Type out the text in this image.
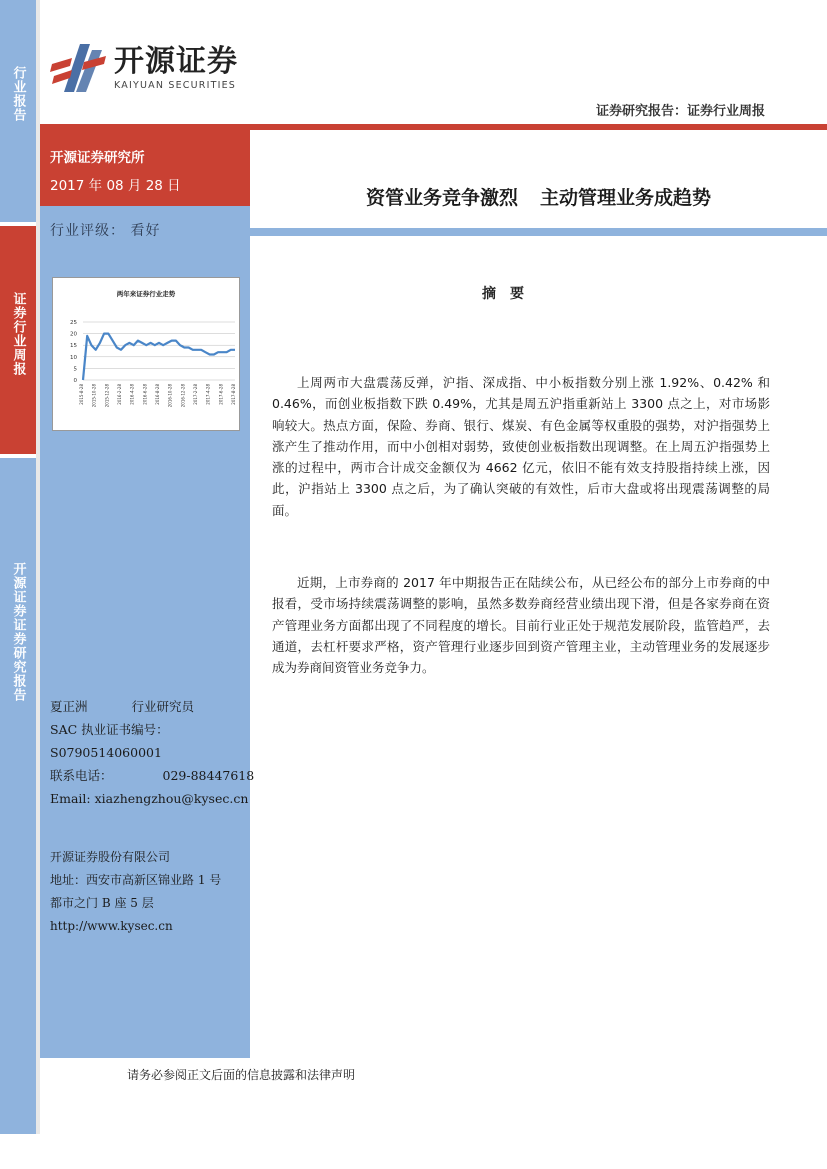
行业报告
证券行业周报
开源证券证券研究报告
开源证券
KAIYUAN SECURITIES
证券研究报告：证券行业周报
开源证券研究所
2017 年 08 月 28 日
行业评级： 看好
两年来证券行业走势
0
5
10
15
20
25
2015-8-28 2015-10-28 2015-12-28 2016-2-28 2016-4-28 2016-6-28 2016-8-28 2016-10-28 2016-12-28 2017-2-28 2017-4-28 2017-6-28 2017-8-28
夏正洲	行业研究员
SAC 执业证书编号：
S0790514060001
联系电话：	029-88447618
Email: xiazhengzhou@kysec.cn
开源证券股份有限公司
地址：西安市高新区锦业路 1 号
都市之门 B 座 5 层
http://www.kysec.cn
资管业务竞争激烈 主动管理业务成趋势
摘要
上周两市大盘震荡反弹，沪指、深成指、中小板指数分别上涨 1.92%、0.42% 和 0.46%，而创业板指数下跌 0.49%，尤其是周五沪指重新站上 3300 点之上，对市场影响较大。热点方面，保险、券商、银行、煤炭、有色金属等权重股的强势，对沪指强势上涨产生了推动作用，而中小创相对弱势，致使创业板指数出现调整。在上周五沪指强势上涨的过程中，两市合计成交金额仅为 4662 亿元，依旧不能有效支持股指持续上涨，因此，沪指站上 3300 点之后，为了确认突破的有效性，后市大盘或将出现震荡调整的局面。
近期，上市券商的 2017 年中期报告正在陆续公布，从已经公布的部分上市券商的中报看，受市场持续震荡调整的影响，虽然多数券商经营业绩出现下滑，但是各家券商在资产管理业务方面都出现了不同程度的增长。目前行业正处于规范发展阶段，监管趋严，去通道，去杠杆要求严格，资产管理行业逐步回到资产管理主业，主动管理业务的发展逐步成为券商间资管业务竞争力。
请务必参阅正文后面的信息披露和法律声明
